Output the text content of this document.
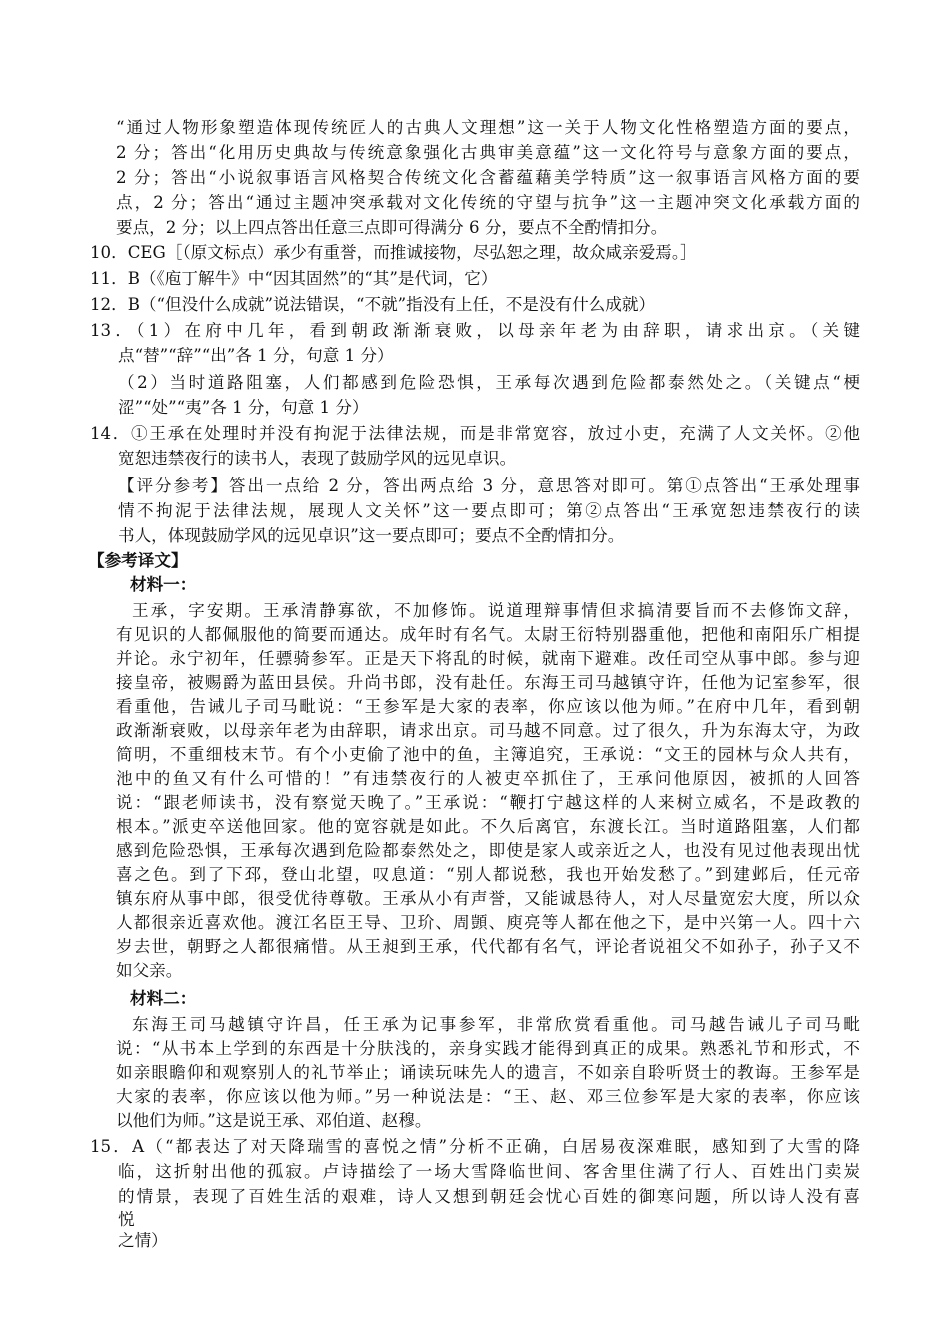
“通过人物形象塑造体现传统匠人的古典人文理想”这一关于人物文化性格塑造方面的要点，
2 分；答出“化用历史典故与传统意象强化古典审美意蕴”这一文化符号与意象方面的要点，
2 分；答出“小说叙事语言风格契合传统文化含蓄蕴藉美学特质”这一叙事语言风格方面的要
点，2 分；答出“通过主题冲突承载对文化传统的守望与抗争”这一主题冲突文化承载方面的
要点，2 分；以上四点答出任意三点即可得满分 6 分，要点不全酌情扣分。
10．CEG［（原文标点）承少有重誉，而推诚接物，尽弘恕之理，故众咸亲爱焉。］
11．B（《庖丁解牛》中“因其固然”的“其”是代词，它）
12．B（“但没什么成就”说法错误，“不就”指没有上任，不是没有什么成就）
13．（1）在府中几年，看到朝政渐渐衰败，以母亲年老为由辞职，请求出京。（关键
点“替”“辞”“出”各 1 分，句意 1 分）
（2）当时道路阻塞，人们都感到危险恐惧，王承每次遇到危险都泰然处之。（关键点“梗
涩”“处”“夷”各 1 分，句意 1 分）
14．①王承在处理时并没有拘泥于法律法规，而是非常宽容，放过小吏，充满了人文关怀。②他
宽恕违禁夜行的读书人，表现了鼓励学风的远见卓识。
【评分参考】答出一点给 2 分，答出两点给 3 分，意思答对即可。第①点答出“王承处理事
情不拘泥于法律法规，展现人文关怀”这一要点即可；第②点答出“王承宽恕违禁夜行的读
书人，体现鼓励学风的远见卓识”这一要点即可；要点不全酌情扣分。
【参考译文】
材料一：
王承，字安期。王承清静寡欲，不加修饰。说道理辩事情但求搞清要旨而不去修饰文辞，
有见识的人都佩服他的简要而通达。成年时有名气。太尉王衍特别器重他，把他和南阳乐广相提
并论。永宁初年，任骠骑参军。正是天下将乱的时候，就南下避难。改任司空从事中郎。参与迎
接皇帝，被赐爵为蓝田县侯。升尚书郎，没有赴任。东海王司马越镇守许，任他为记室参军，很
看重他，告诫儿子司马毗说：“王参军是大家的表率，你应该以他为师。”在府中几年，看到朝
政渐渐衰败，以母亲年老为由辞职，请求出京。司马越不同意。过了很久，升为东海太守，为政
简明，不重细枝末节。有个小吏偷了池中的鱼，主簿追究，王承说：“文王的园林与众人共有，
池中的鱼又有什么可惜的！”有违禁夜行的人被吏卒抓住了，王承问他原因，被抓的人回答
说：“跟老师读书，没有察觉天晚了。”王承说：“鞭打宁越这样的人来树立威名，不是政教的
根本。”派吏卒送他回家。他的宽容就是如此。不久后离官，东渡长江。当时道路阻塞，人们都
感到危险恐惧，王承每次遇到危险都泰然处之，即使是家人或亲近之人，也没有见过他表现出忧
喜之色。到了下邳，登山北望，叹息道：“别人都说愁，我也开始发愁了。”到建邺后，任元帝
镇东府从事中郎，很受优待尊敬。王承从小有声誉，又能诚恳待人，对人尽量宽宏大度，所以众
人都很亲近喜欢他。渡江名臣王导、卫玠、周顗、庾亮等人都在他之下，是中兴第一人。四十六
岁去世，朝野之人都很痛惜。从王昶到王承，代代都有名气，评论者说祖父不如孙子，孙子又不
如父亲。
材料二：
东海王司马越镇守许昌，任王承为记事参军，非常欣赏看重他。司马越告诫儿子司马毗
说：“从书本上学到的东西是十分肤浅的，亲身实践才能得到真正的成果。熟悉礼节和形式，不
如亲眼瞻仰和观察别人的礼节举止；诵读玩味先人的遗言，不如亲自聆听贤士的教诲。王参军是
大家的表率，你应该以他为师。”另一种说法是：“王、赵、邓三位参军是大家的表率，你应该
以他们为师。”这是说王承、邓伯道、赵穆。
15．A（“都表达了对天降瑞雪的喜悦之情”分析不正确，白居易夜深难眠，感知到了大雪的降
临，这折射出他的孤寂。卢诗描绘了一场大雪降临世间、客舍里住满了行人、百姓出门卖炭
的情景，表现了百姓生活的艰难，诗人又想到朝廷会忧心百姓的御寒问题，所以诗人没有喜
悦
之情）
